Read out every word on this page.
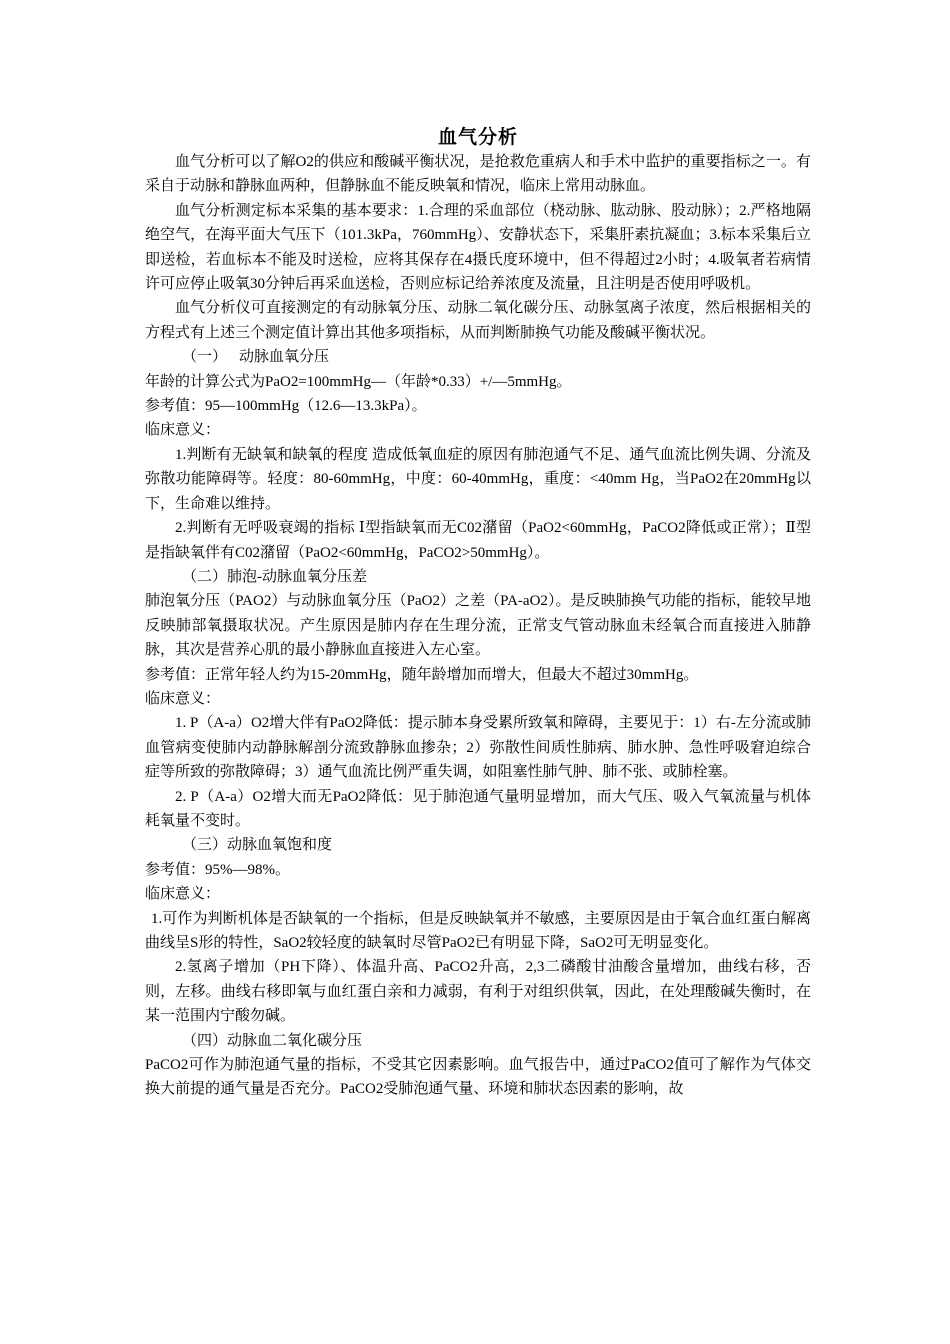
血气分析

血气分析可以了解O2的供应和酸碱平衡状况，是抢救危重病人和手术中监护的重要指标之一。有采自于动脉和静脉血两种，但静脉血不能反映氧和情况，临床上常用动脉血。

血气分析测定标本采集的基本要求：1.合理的采血部位（桡动脉、肱动脉、股动脉）；2.严格地隔绝空气，在海平面大气压下（101.3kPa，760mmHg）、安静状态下，采集肝素抗凝血；3.标本采集后立即送检，若血标本不能及时送检，应将其保存在4摄氏度环境中，但不得超过2小时；4.吸氧者若病情许可应停止吸氧30分钟后再采血送检，否则应标记给养浓度及流量，且注明是否使用呼吸机。

血气分析仪可直接测定的有动脉氧分压、动脉二氧化碳分压、动脉氢离子浓度，然后根据相关的方程式有上述三个测定值计算出其他多项指标，从而判断肺换气功能及酸碱平衡状况。

（一） 动脉血氧分压

年龄的计算公式为PaO2=100mmHg—（年龄*0.33）+/—5mmHg。

参考值：95—100mmHg（12.6—13.3kPa）。

临床意义：

1.判断有无缺氧和缺氧的程度 造成低氧血症的原因有肺泡通气不足、通气血流比例失调、分流及弥散功能障碍等。轻度：80-60mmHg，中度：60-40mmHg，重度：<40mm Hg，当PaO2在20mmHg以下，生命难以维持。

2.判断有无呼吸衰竭的指标 Ⅰ型指缺氧而无C02潴留（PaO2<60mmHg，PaCO2降低或正常）；Ⅱ型是指缺氧伴有C02潴留（PaO2<60mmHg，PaCO2>50mmHg）。

（二）肺泡-动脉血氧分压差

肺泡氧分压（PAO2）与动脉血氧分压（PaO2）之差（PA-aO2）。是反映肺换气功能的指标，能较早地反映肺部氧摄取状况。产生原因是肺内存在生理分流，正常支气管动脉血未经氧合而直接进入肺静脉，其次是营养心肌的最小静脉血直接进入左心室。

参考值：正常年轻人约为15-20mmHg，随年龄增加而增大，但最大不超过30mmHg。

临床意义：

1. P（A-a）O2增大伴有PaO2降低：提示肺本身受累所致氧和障碍，主要见于：1）右-左分流或肺血管病变使肺内动静脉解剖分流致静脉血掺杂；2）弥散性间质性肺病、肺水肿、急性呼吸窘迫综合症等所致的弥散障碍；3）通气血流比例严重失调，如阻塞性肺气肿、肺不张、或肺栓塞。

2. P（A-a）O2增大而无PaO2降低：见于肺泡通气量明显增加，而大气压、吸入气氧流量与机体耗氧量不变时。

（三）动脉血氧饱和度

参考值：95%—98%。

临床意义：

1.可作为判断机体是否缺氧的一个指标，但是反映缺氧并不敏感，主要原因是由于氧合血红蛋白解离曲线呈S形的特性，SaO2较轻度的缺氧时尽管PaO2已有明显下降，SaO2可无明显变化。

2.氢离子增加（PH下降）、体温升高、PaCO2升高，2,3二磷酸甘油酸含量增加，曲线右移，否则，左移。曲线右移即氧与血红蛋白亲和力减弱，有利于对组织供氧，因此，在处理酸碱失衡时，在某一范围内宁酸勿碱。

（四）动脉血二氧化碳分压

PaCO2可作为肺泡通气量的指标，不受其它因素影响。血气报告中，通过PaCO2值可了解作为气体交换大前提的通气量是否充分。PaCO2受肺泡通气量、环境和肺状态因素的影响，故
